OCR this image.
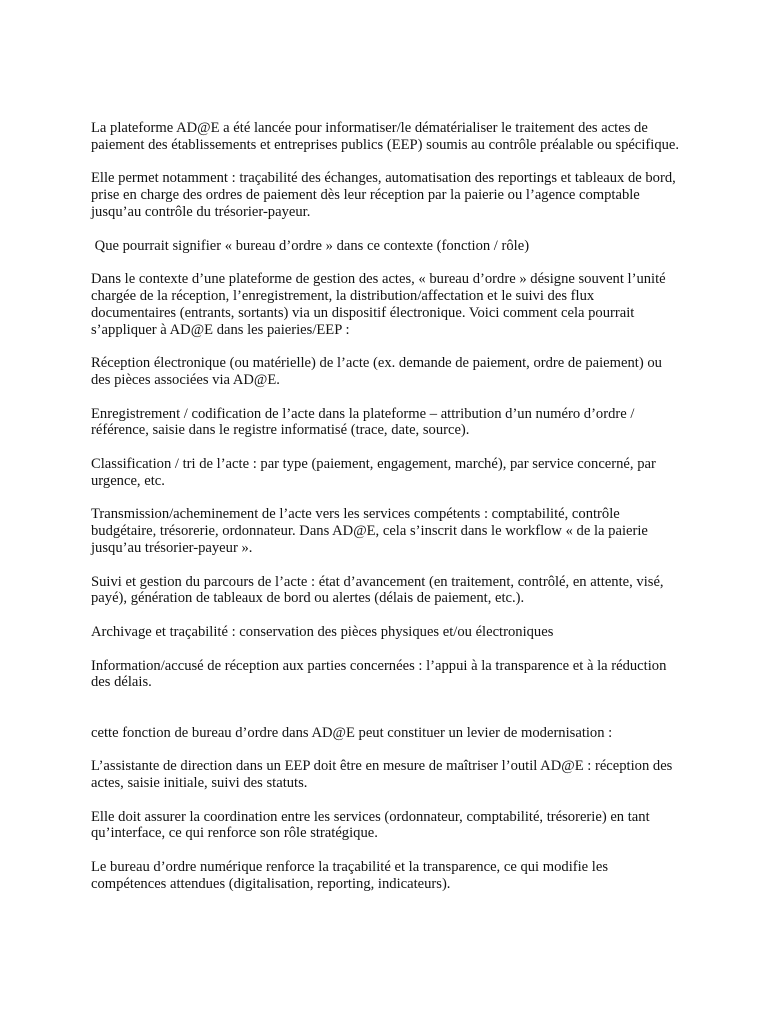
La plateforme AD@E a été lancée pour informatiser/le dématérialiser le traitement des actes de paiement des établissements et entreprises publics (EEP) soumis au contrôle préalable ou spécifique.

Elle permet notamment : traçabilité des échanges, automatisation des reportings et tableaux de bord, prise en charge des ordres de paiement dès leur réception par la paierie ou l’agence comptable jusqu’au contrôle du trésorier-payeur.

Que pourrait signifier « bureau d’ordre » dans ce contexte (fonction / rôle)

Dans le contexte d’une plateforme de gestion des actes, « bureau d’ordre » désigne souvent l’unité chargée de la réception, l’enregistrement, la distribution/affectation et le suivi des flux documentaires (entrants, sortants) via un dispositif électronique. Voici comment cela pourrait s’appliquer à AD@E dans les paieries/EEP :

Réception électronique (ou matérielle) de l’acte (ex. demande de paiement, ordre de paiement) ou des pièces associées via AD@E.

Enregistrement / codification de l’acte dans la plateforme – attribution d’un numéro d’ordre / référence, saisie dans le registre informatisé (trace, date, source).

Classification / tri de l’acte : par type (paiement, engagement, marché), par service concerné, par urgence, etc.

Transmission/acheminement de l’acte vers les services compétents : comptabilité, contrôle budgétaire, trésorerie, ordonnateur. Dans AD@E, cela s’inscrit dans le workflow « de la paierie jusqu’au trésorier-payeur ».

Suivi et gestion du parcours de l’acte : état d’avancement (en traitement, contrôlé, en attente, visé, payé), génération de tableaux de bord ou alertes (délais de paiement, etc.).

Archivage et traçabilité : conservation des pièces physiques et/ou électroniques

Information/accusé de réception aux parties concernées : l’appui à la transparence et à la réduction des délais.

cette fonction de bureau d’ordre dans AD@E peut constituer un levier de modernisation :

L’assistante de direction dans un EEP doit être en mesure de maîtriser l’outil AD@E : réception des actes, saisie initiale, suivi des statuts.

Elle doit assurer la coordination entre les services (ordonnateur, comptabilité, trésorerie) en tant qu’interface, ce qui renforce son rôle stratégique.

Le bureau d’ordre numérique renforce la traçabilité et la transparence, ce qui modifie les compétences attendues (digitalisation, reporting, indicateurs).
